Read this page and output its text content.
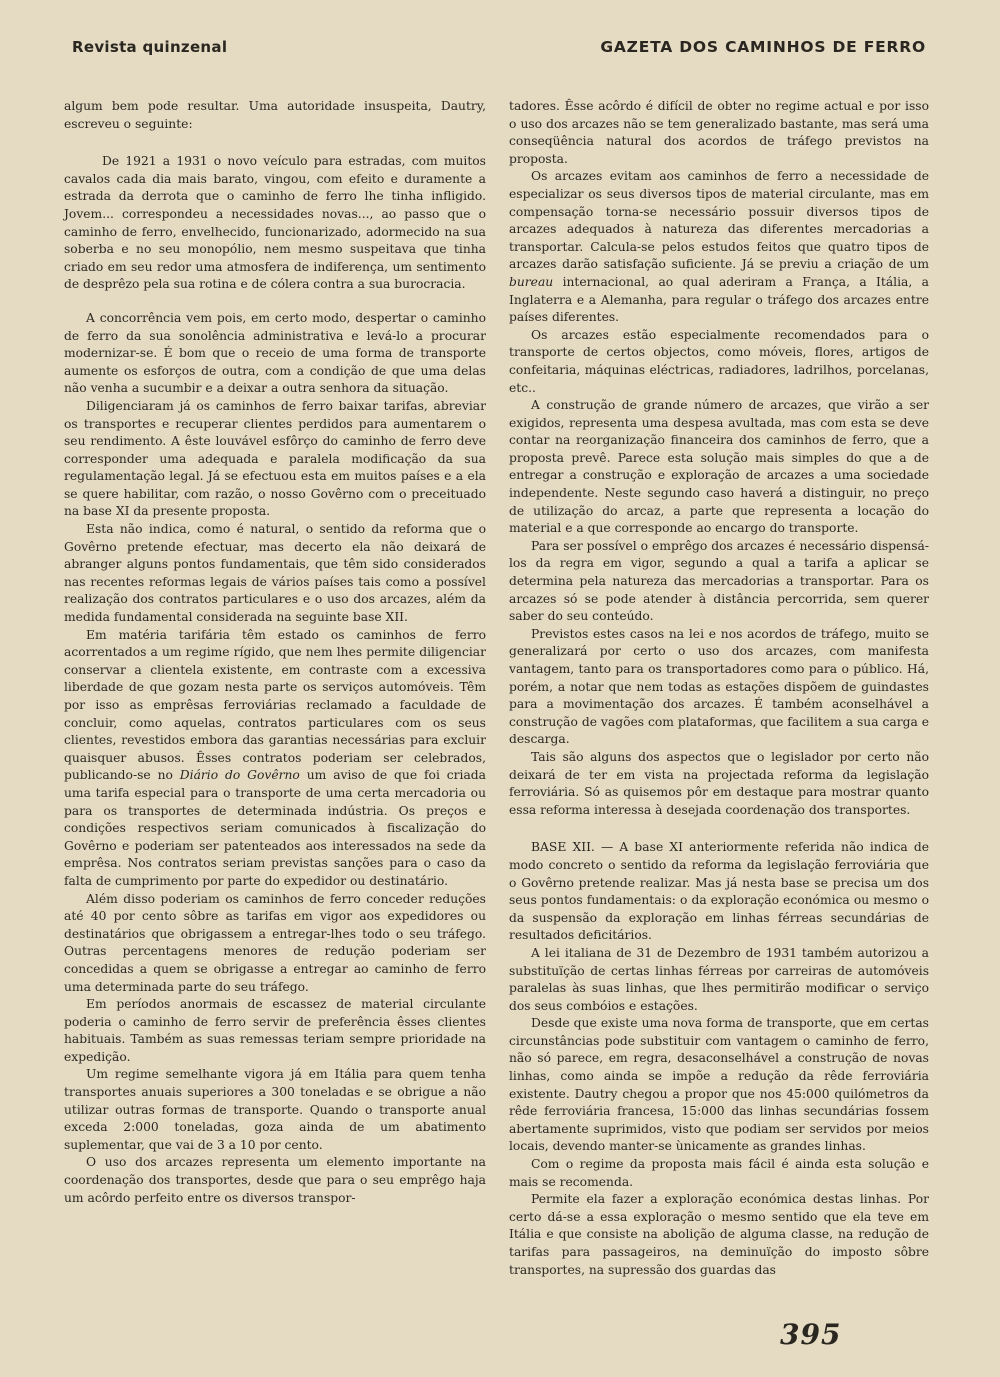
Revista quinzenal	GAZETA DOS CAMINHOS DE FERRO

algum bem pode resultar. Uma autoridade insuspeita, Dautry, escreveu o seguinte:

De 1921 a 1931 o novo veículo para estradas, com muitos cavalos cada dia mais barato, vingou, com efeito e duramente a estrada da derrota que o caminho de ferro lhe tinha infligido. Jovem... correspondeu a necessidades novas..., ao passo que o caminho de ferro, envelhecido, funcionarizado, adormecido na sua soberba e no seu monopólio, nem mesmo suspeitava que tinha criado em seu redor uma atmosfera de indiferença, um sentimento de desprêzo pela sua rotina e de cólera contra a sua burocracia.

A concorrência vem pois, em certo modo, despertar o caminho de ferro da sua sonolência administrativa e levá-lo a procurar modernizar-se. É bom que o receio de uma forma de transporte aumente os esforços de outra, com a condição de que uma delas não venha a sucumbir e a deixar a outra senhora da situação.

Diligenciaram já os caminhos de ferro baixar tarifas, abreviar os transportes e recuperar clientes perdidos para aumentarem o seu rendimento. A êste louvável esfôrço do caminho de ferro deve corresponder uma adequada e paralela modificação da sua regulamentação legal. Já se efectuou esta em muitos países e a ela se quere habilitar, com razão, o nosso Govêrno com o preceituado na base XI da presente proposta.

Esta não indica, como é natural, o sentido da reforma que o Govêrno pretende efectuar, mas decerto ela não deixará de abranger alguns pontos fundamentais, que têm sido considerados nas recentes reformas legais de vários países tais como a possível realização dos contratos particulares e o uso dos arcazes, além da medida fundamental considerada na seguinte base XII.

Em matéria tarifária têm estado os caminhos de ferro acorrentados a um regime rígido, que nem lhes permite diligenciar conservar a clientela existente, em contraste com a excessiva liberdade de que gozam nesta parte os serviços automóveis. Têm por isso as emprêsas ferroviárias reclamado a faculdade de concluir, como aquelas, contratos particulares com os seus clientes, revestidos embora das garantias necessárias para excluir quaisquer abusos. Êsses contratos poderiam ser celebrados, publicando-se no Diário do Govêrno um aviso de que foi criada uma tarifa especial para o transporte de uma certa mercadoria ou para os transportes de determinada indústria. Os preços e condições respectivos seriam comunicados à fiscalização do Govêrno e poderiam ser patenteados aos interessados na sede da emprêsa. Nos contratos seriam previstas sanções para o caso da falta de cumprimento por parte do expedidor ou destinatário.

Além disso poderiam os caminhos de ferro conceder reduções até 40 por cento sôbre as tarifas em vigor aos expedidores ou destinatários que obrigassem a entregar-lhes todo o seu tráfego. Outras percentagens menores de redução poderiam ser concedidas a quem se obrigasse a entregar ao caminho de ferro uma determinada parte do seu tráfego.

Em períodos anormais de escassez de material circulante poderia o caminho de ferro servir de preferência êsses clientes habituais. Também as suas remessas teriam sempre prioridade na expedição.

Um regime semelhante vigora já em Itália para quem tenha transportes anuais superiores a 300 toneladas e se obrigue a não utilizar outras formas de transporte. Quando o transporte anual exceda 2:000 toneladas, goza ainda de um abatimento suplementar, que vai de 3 a 10 por cento.

O uso dos arcazes representa um elemento importante na coordenação dos transportes, desde que para o seu emprêgo haja um acôrdo perfeito entre os diversos transpor-

tadores. Êsse acôrdo é difícil de obter no regime actual e por isso o uso dos arcazes não se tem generalizado bastante, mas será uma conseqüência natural dos acordos de tráfego previstos na proposta.

Os arcazes evitam aos caminhos de ferro a necessidade de especializar os seus diversos tipos de material circulante, mas em compensação torna-se necessário possuir diversos tipos de arcazes adequados à natureza das diferentes mercadorias a transportar. Calcula-se pelos estudos feitos que quatro tipos de arcazes darão satisfação suficiente. Já se previu a criação de um bureau internacional, ao qual aderiram a França, a Itália, a Inglaterra e a Alemanha, para regular o tráfego dos arcazes entre países diferentes.

Os arcazes estão especialmente recomendados para o transporte de certos objectos, como móveis, flores, artigos de confeitaria, máquinas eléctricas, radiadores, ladrilhos, porcelanas, etc..

A construção de grande número de arcazes, que virão a ser exigidos, representa uma despesa avultada, mas com esta se deve contar na reorganização financeira dos caminhos de ferro, que a proposta prevê. Parece esta solução mais simples do que a de entregar a construção e exploração de arcazes a uma sociedade independente. Neste segundo caso haverá a distinguir, no preço de utilização do arcaz, a parte que representa a locação do material e a que corresponde ao encargo do transporte.

Para ser possível o emprêgo dos arcazes é necessário dispensá-los da regra em vigor, segundo a qual a tarifa a aplicar se determina pela natureza das mercadorias a transportar. Para os arcazes só se pode atender à distância percorrida, sem querer saber do seu conteúdo.

Previstos estes casos na lei e nos acordos de tráfego, muito se generalizará por certo o uso dos arcazes, com manifesta vantagem, tanto para os transportadores como para o público. Há, porém, a notar que nem todas as estações dispõem de guindastes para a movimentação dos arcazes. É também aconselhável a construção de vagões com plataformas, que facilitem a sua carga e descarga.

Tais são alguns dos aspectos que o legislador por certo não deixará de ter em vista na projectada reforma da legislação ferroviária. Só as quisemos pôr em destaque para mostrar quanto essa reforma interessa à desejada coordenação dos transportes.

BASE XII. — A base XI anteriormente referida não indica de modo concreto o sentido da reforma da legislação ferroviária que o Govêrno pretende realizar. Mas já nesta base se precisa um dos seus pontos fundamentais: o da exploração económica ou mesmo o da suspensão da exploração em linhas férreas secundárias de resultados deficitários.

A lei italiana de 31 de Dezembro de 1931 também autorizou a substituïção de certas linhas férreas por carreiras de automóveis paralelas às suas linhas, que lhes permitirão modificar o serviço dos seus combóios e estações.

Desde que existe uma nova forma de transporte, que em certas circunstâncias pode substituir com vantagem o caminho de ferro, não só parece, em regra, desaconselhável a construção de novas linhas, como ainda se impõe a redução da rêde ferroviária existente. Dautry chegou a propor que nos 45:000 quilómetros da rêde ferroviária francesa, 15:000 das linhas secundárias fossem abertamente suprimidos, visto que podiam ser servidos por meios locais, devendo manter-se ùnicamente as grandes linhas.

Com o regime da proposta mais fácil é ainda esta solução e mais se recomenda.

Permite ela fazer a exploração económica destas linhas. Por certo dá-se a essa exploração o mesmo sentido que ela teve em Itália e que consiste na abolição de alguma classe, na redução de tarifas para passageiros, na deminuïção do imposto sôbre transportes, na supressão dos guardas das

395
